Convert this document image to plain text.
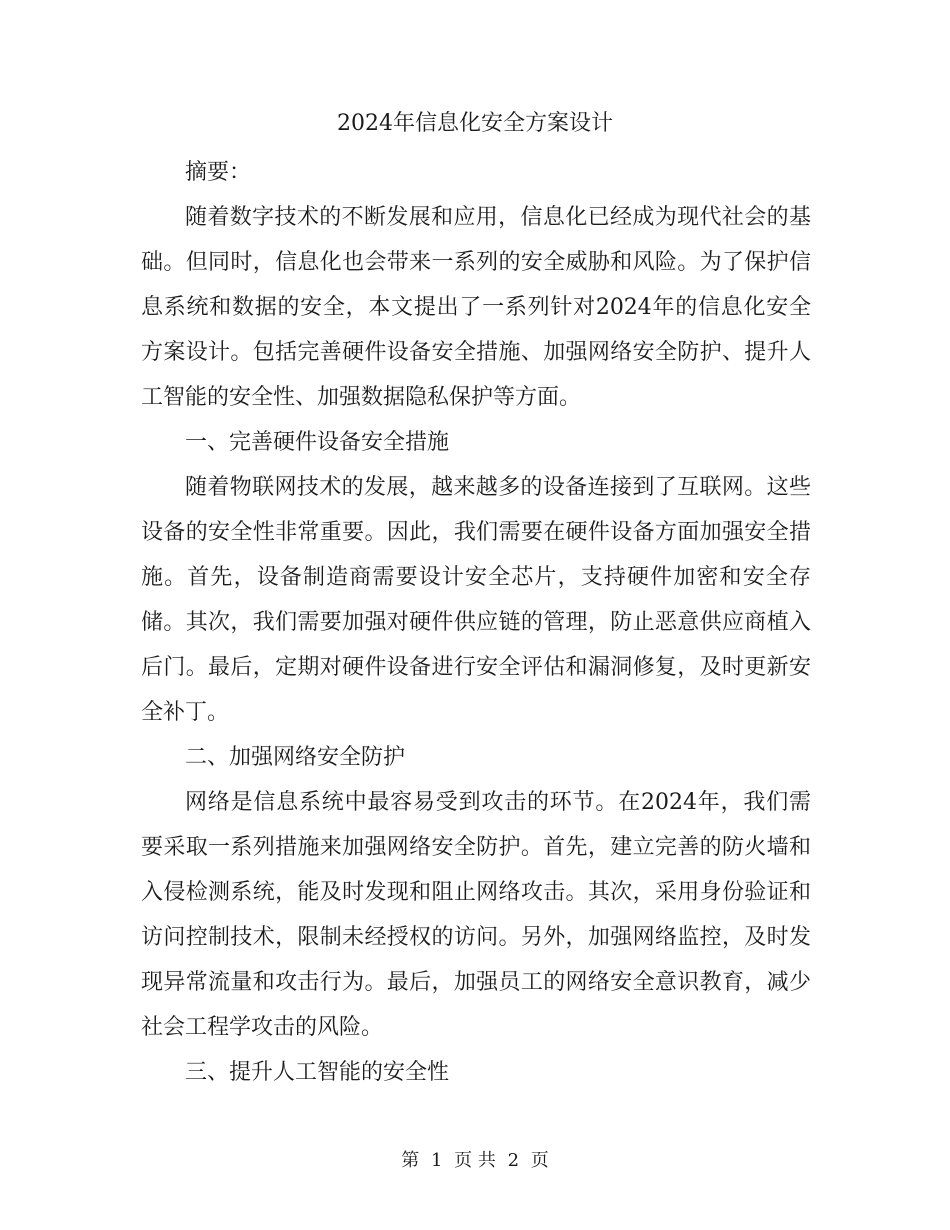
2024年信息化安全方案设计

摘要：

随着数字技术的不断发展和应用，信息化已经成为现代社会的基础。但同时，信息化也会带来一系列的安全威胁和风险。为了保护信息系统和数据的安全，本文提出了一系列针对2024年的信息化安全方案设计。包括完善硬件设备安全措施、加强网络安全防护、提升人工智能的安全性、加强数据隐私保护等方面。

一、完善硬件设备安全措施

随着物联网技术的发展，越来越多的设备连接到了互联网。这些设备的安全性非常重要。因此，我们需要在硬件设备方面加强安全措施。首先，设备制造商需要设计安全芯片，支持硬件加密和安全存储。其次，我们需要加强对硬件供应链的管理，防止恶意供应商植入后门。最后，定期对硬件设备进行安全评估和漏洞修复，及时更新安全补丁。

二、加强网络安全防护

网络是信息系统中最容易受到攻击的环节。在2024年，我们需要采取一系列措施来加强网络安全防护。首先，建立完善的防火墙和入侵检测系统，能及时发现和阻止网络攻击。其次，采用身份验证和访问控制技术，限制未经授权的访问。另外，加强网络监控，及时发现异常流量和攻击行为。最后，加强员工的网络安全意识教育，减少社会工程学攻击的风险。

三、提升人工智能的安全性

第 1 页 共 2 页
